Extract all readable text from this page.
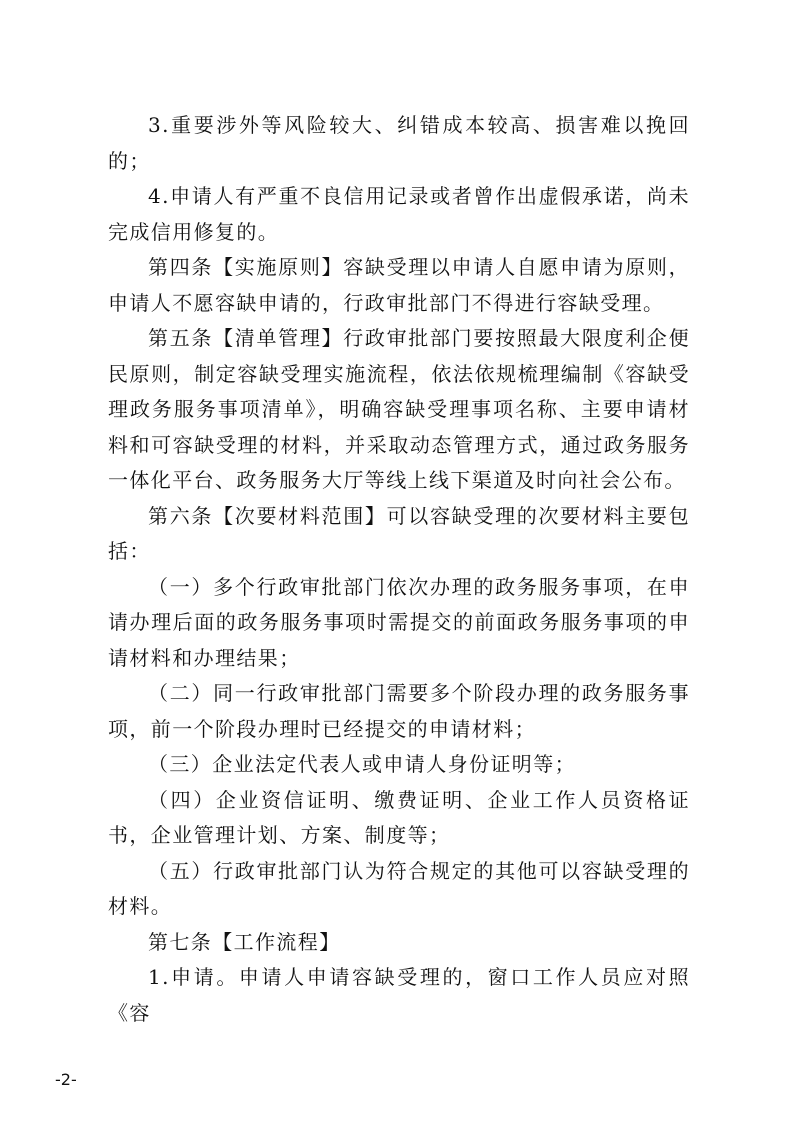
3.重要涉外等风险较大、纠错成本较高、损害难以挽回的；

4.申请人有严重不良信用记录或者曾作出虚假承诺，尚未完成信用修复的。

第四条【实施原则】容缺受理以申请人自愿申请为原则，申请人不愿容缺申请的，行政审批部门不得进行容缺受理。

第五条【清单管理】行政审批部门要按照最大限度利企便民原则，制定容缺受理实施流程，依法依规梳理编制《容缺受理政务服务事项清单》，明确容缺受理事项名称、主要申请材料和可容缺受理的材料，并采取动态管理方式，通过政务服务一体化平台、政务服务大厅等线上线下渠道及时向社会公布。

第六条【次要材料范围】可以容缺受理的次要材料主要包括：

（一）多个行政审批部门依次办理的政务服务事项，在申请办理后面的政务服务事项时需提交的前面政务服务事项的申请材料和办理结果；

（二）同一行政审批部门需要多个阶段办理的政务服务事项，前一个阶段办理时已经提交的申请材料；

（三）企业法定代表人或申请人身份证明等；

（四）企业资信证明、缴费证明、企业工作人员资格证书，企业管理计划、方案、制度等；

（五）行政审批部门认为符合规定的其他可以容缺受理的材料。

第七条【工作流程】

1.申请。申请人申请容缺受理的，窗口工作人员应对照《容

-2-
